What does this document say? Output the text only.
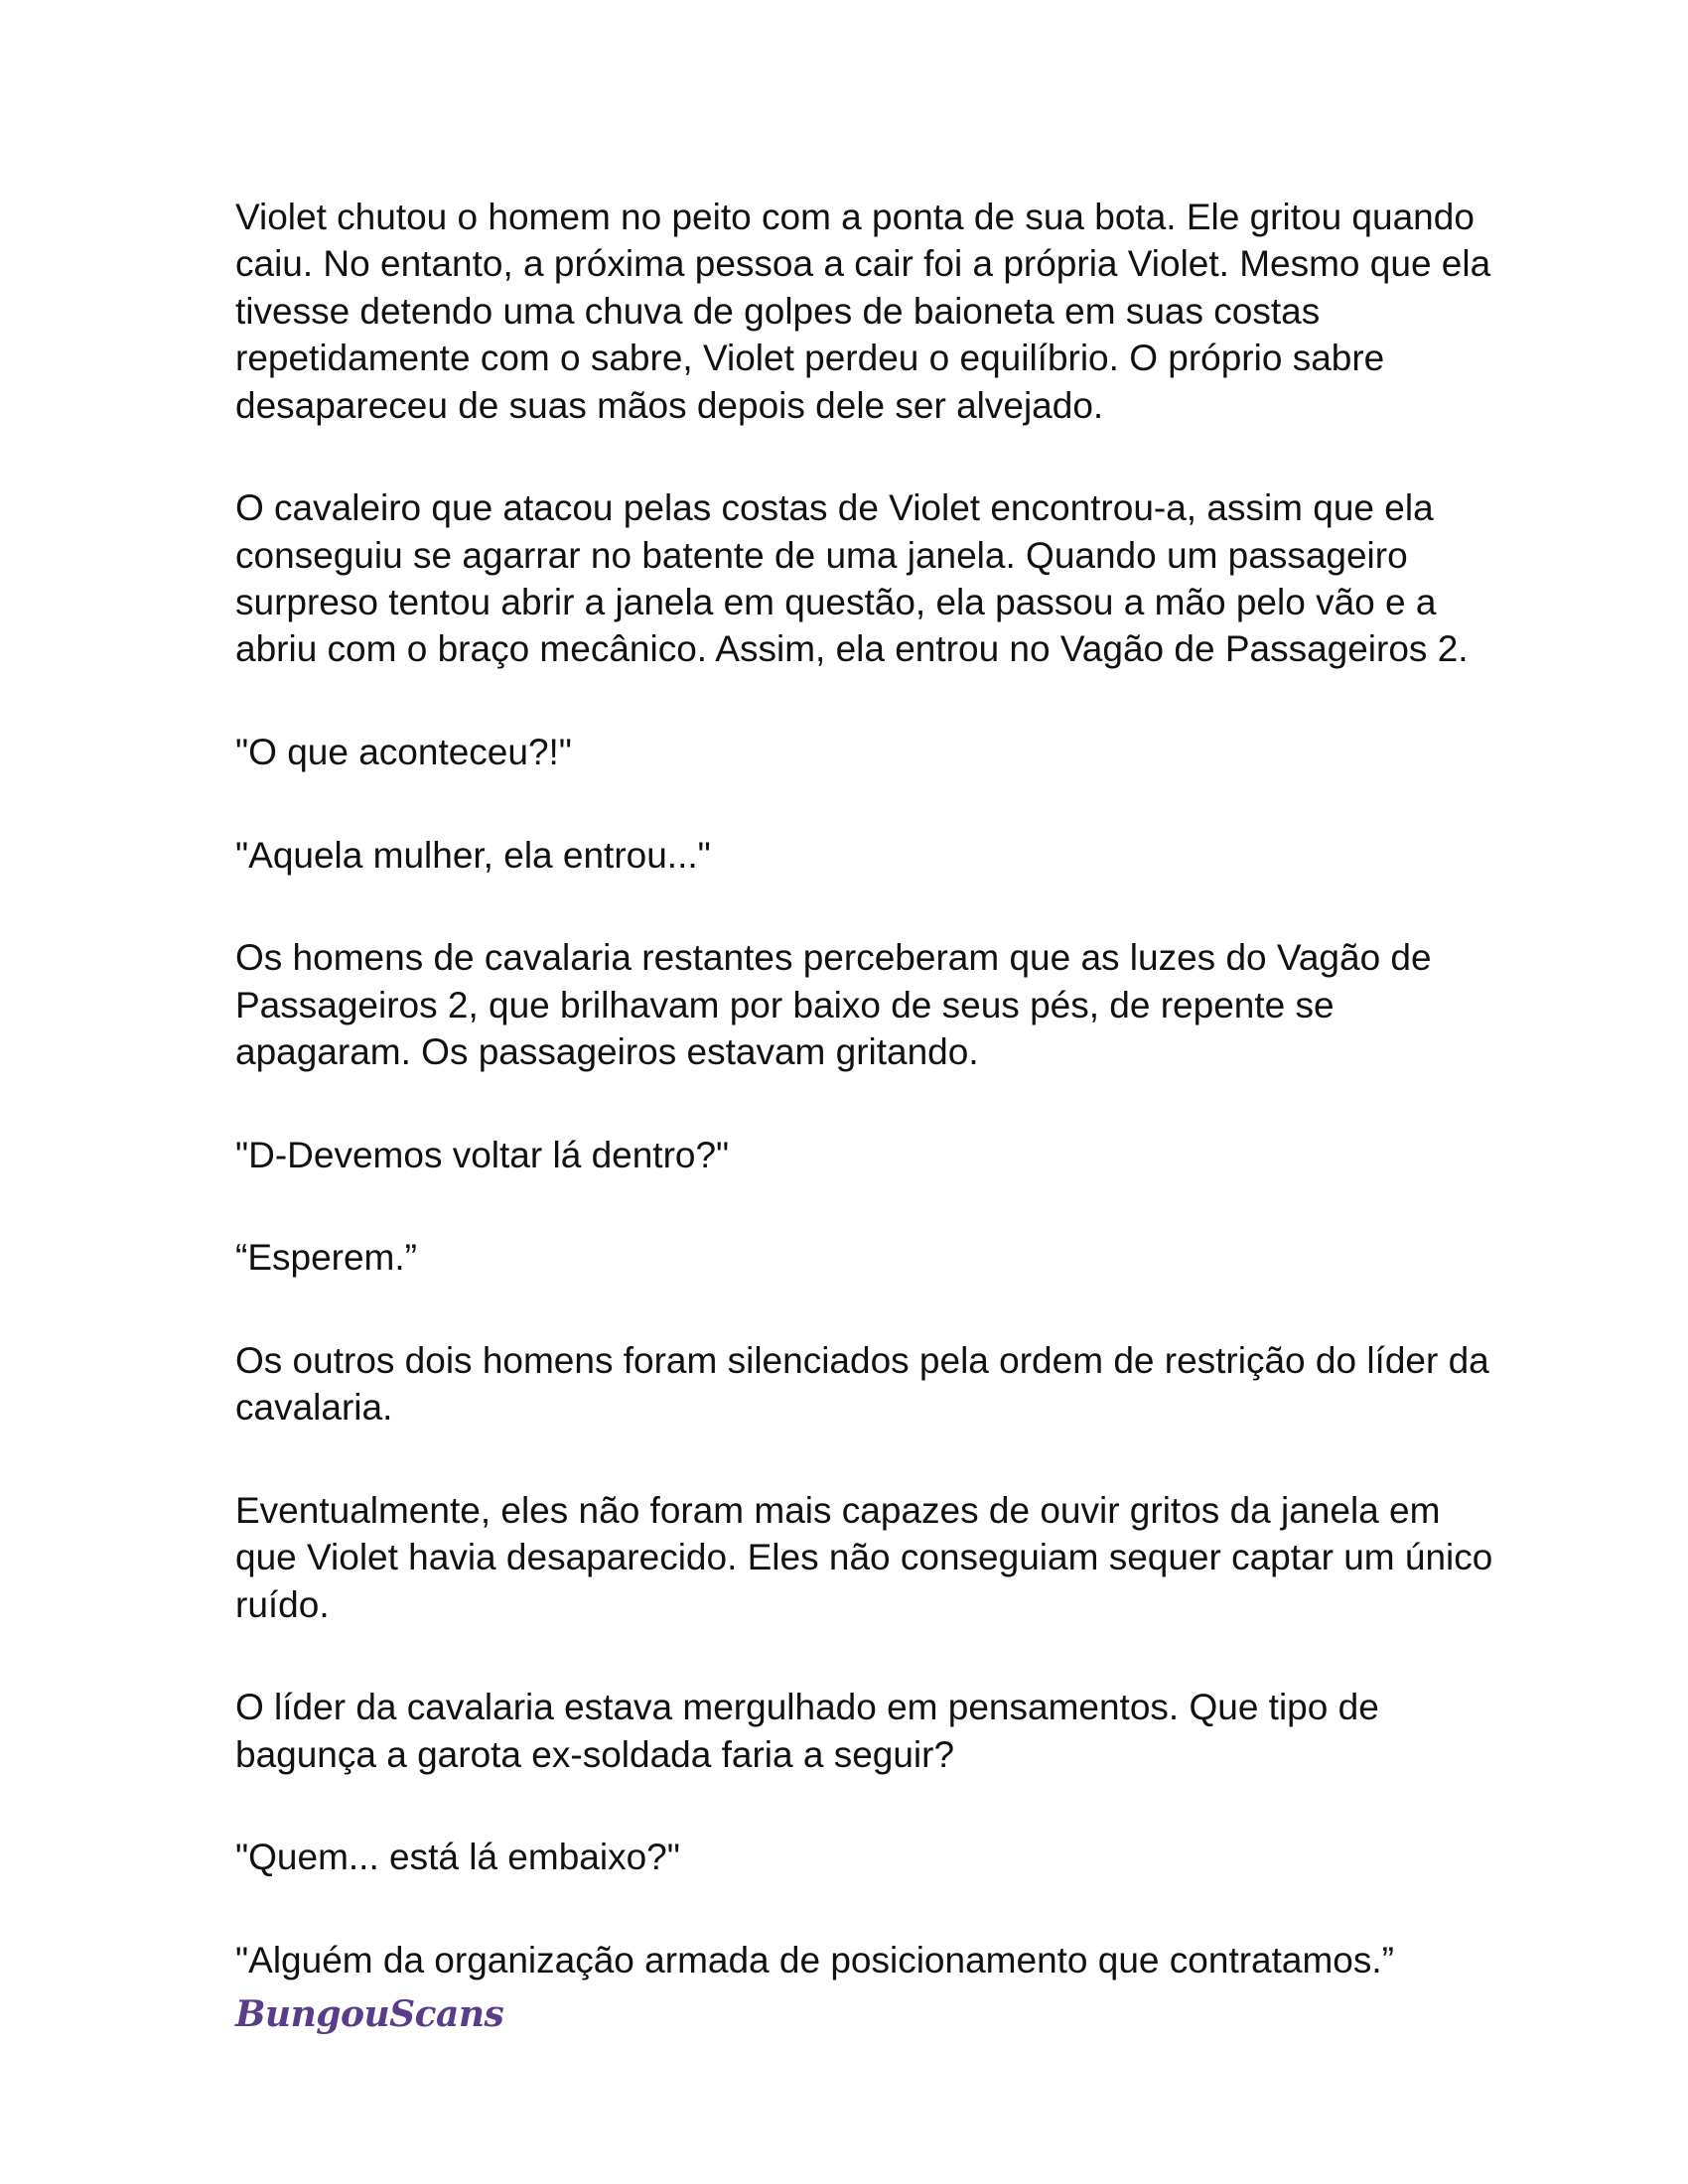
Violet chutou o homem no peito com a ponta de sua bota. Ele gritou quando
caiu. No entanto, a próxima pessoa a cair foi a própria Violet. Mesmo que ela
tivesse detendo uma chuva de golpes de baioneta em suas costas
repetidamente com o sabre, Violet perdeu o equilíbrio. O próprio sabre
desapareceu de suas mãos depois dele ser alvejado.

O cavaleiro que atacou pelas costas de Violet encontrou-a, assim que ela
conseguiu se agarrar no batente de uma janela. Quando um passageiro
surpreso tentou abrir a janela em questão, ela passou a mão pelo vão e a
abriu com o braço mecânico. Assim, ela entrou no Vagão de Passageiros 2.

"O que aconteceu?!"

"Aquela mulher, ela entrou..."

Os homens de cavalaria restantes perceberam que as luzes do Vagão de
Passageiros 2, que brilhavam por baixo de seus pés, de repente se
apagaram. Os passageiros estavam gritando.

"D-Devemos voltar lá dentro?"

“Esperem.”

Os outros dois homens foram silenciados pela ordem de restrição do líder da
cavalaria.

Eventualmente, eles não foram mais capazes de ouvir gritos da janela em
que Violet havia desaparecido. Eles não conseguiam sequer captar um único
ruído.

O líder da cavalaria estava mergulhado em pensamentos. Que tipo de
bagunça a garota ex-soldada faria a seguir?

"Quem... está lá embaixo?"

"Alguém da organização armada de posicionamento que contratamos.”

BungouScans
